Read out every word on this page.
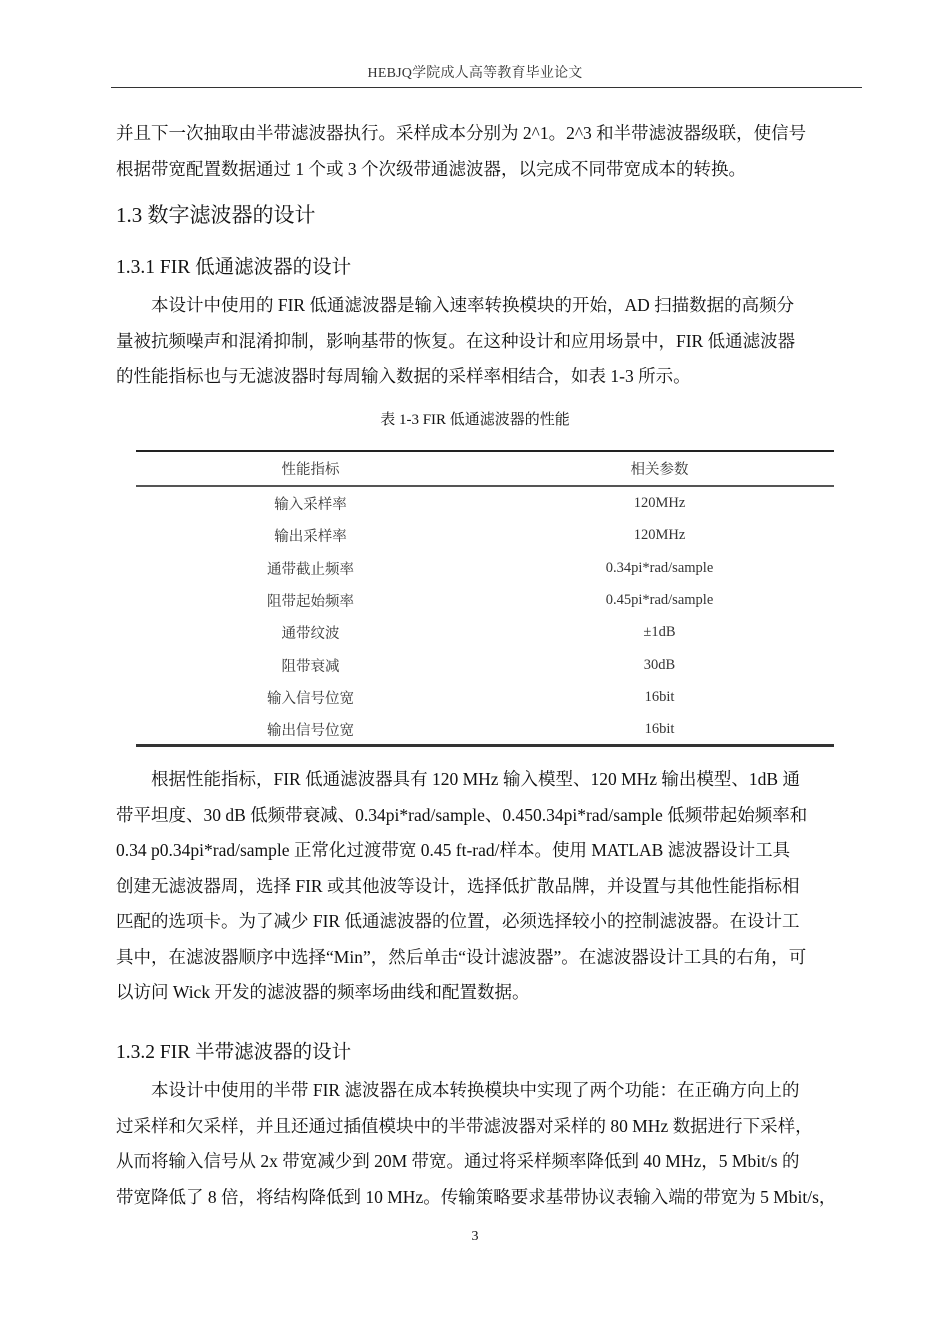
HEBJQ学院成人高等教育毕业论文
并且下一次抽取由半带滤波器执行。采样成本分别为 2^1。2^3 和半带滤波器级联，使信号
根据带宽配置数据通过 1 个或 3 个次级带通滤波器，以完成不同带宽成本的转换。
1.3 数字滤波器的设计
1.3.1 FIR 低通滤波器的设计
本设计中使用的 FIR 低通滤波器是输入速率转换模块的开始，AD 扫描数据的高频分
量被抗频噪声和混淆抑制，影响基带的恢复。在这种设计和应用场景中，FIR 低通滤波器
的性能指标也与无滤波器时每周输入数据的采样率相结合，如表 1-3 所示。
表 1-3 FIR 低通滤波器的性能
性能指标	相关参数
输入采样率	120MHz
输出采样率	120MHz
通带截止频率	0.34pi*rad/sample
阻带起始频率	0.45pi*rad/sample
通带纹波	±1dB
阻带衰减	30dB
输入信号位宽	16bit
输出信号位宽	16bit
根据性能指标，FIR 低通滤波器具有 120 MHz 输入模型、120 MHz 输出模型、1dB 通
带平坦度、30 dB 低频带衰减、0.34pi*rad/sample、0.450.34pi*rad/sample 低频带起始频率和
0.34 p0.34pi*rad/sample 正常化过渡带宽 0.45 ft-rad/样本。使用 MATLAB 滤波器设计工具
创建无滤波器周，选择 FIR 或其他波等设计，选择低扩散品牌，并设置与其他性能指标相
匹配的选项卡。为了减少 FIR 低通滤波器的位置，必须选择较小的控制滤波器。在设计工
具中，在滤波器顺序中选择“Min”，然后单击“设计滤波器”。在滤波器设计工具的右角，可
以访问 Wick 开发的滤波器的频率场曲线和配置数据。
1.3.2 FIR 半带滤波器的设计
本设计中使用的半带 FIR 滤波器在成本转换模块中实现了两个功能：在正确方向上的
过采样和欠采样，并且还通过插值模块中的半带滤波器对采样的 80 MHz 数据进行下采样，
从而将输入信号从 2x 带宽减少到 20M 带宽。通过将采样频率降低到 40 MHz，5 Mbit/s 的
带宽降低了 8 倍，将结构降低到 10 MHz。传输策略要求基带协议表输入端的带宽为 5 Mbit/s，
3
